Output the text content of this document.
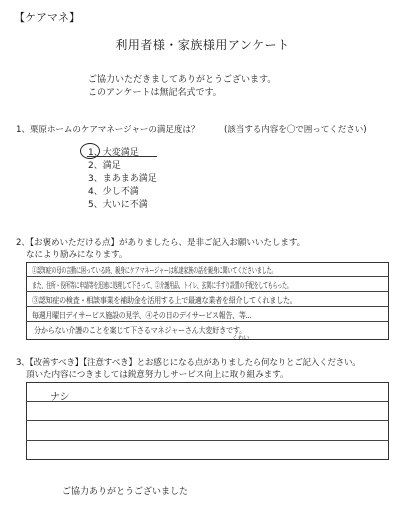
【ケアマネ】
利用者様・家族様用アンケート
ご協力いただきましてありがとうございます。
このアンケートは無記名式です。
1、栗原ホームのケアマネージャーの満足度は？	(該当する内容を〇で囲ってください)
1、大変満足
2、満足
3、まあまあ満足
4、少し不満
5、大いに不満
2、【お褒めいただける点】がありましたら、是非ご記入お願いいたします。
なにより励みになります。
①認知症の母の言動に困っている時、親身にケアマネージャーは私達家族の話を親身に聞いてくださいました。
また、住所・役所等に申請等を迅速に処理して下さって、②介護用品、トイレ、玄関に手すり設置の手配をしてもらった。
③認知症の検査・相談事業を補助金を活用する上で最適な業者を紹介してくれました。
毎週月曜日デイサービス施設の見学、④その日のデイサービス報告、等...
分からない介護のことを案じて下さるマネジャーさん大変好きです。
くわい
3、【改善すべき】【注意すべき】とお感じになる点がありましたら何なりとご記入ください。
頂いた内容につきましては鋭意努力しサービス向上に取り組みます。
ナシ
ご協力ありがとうございました
